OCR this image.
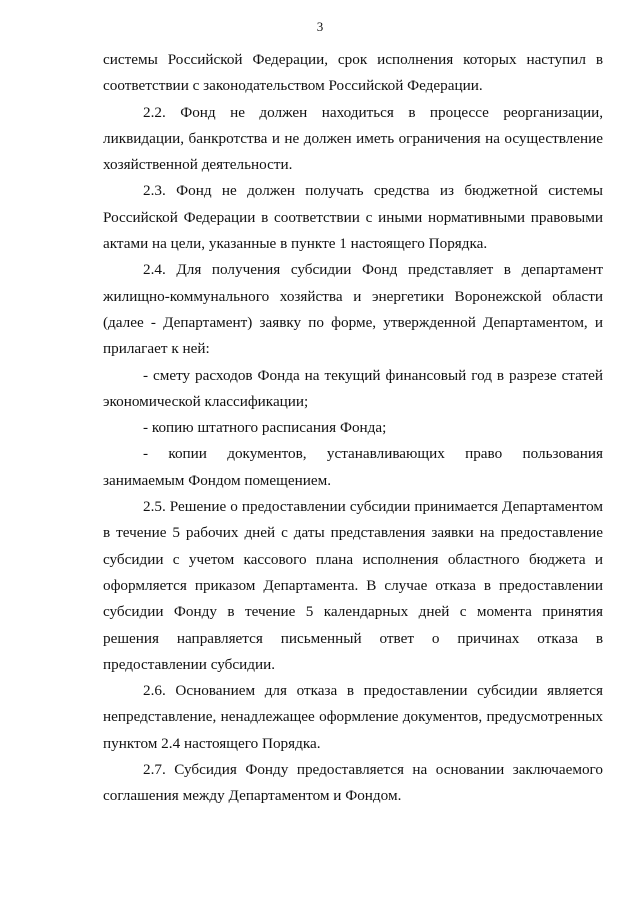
3

системы Российской Федерации, срок исполнения которых наступил в соответствии с законодательством Российской Федерации.

2.2. Фонд не должен находиться в процессе реорганизации, ликвидации, банкротства и не должен иметь ограничения на осуществление хозяйственной деятельности.

2.3. Фонд не должен получать средства из бюджетной системы Российской Федерации в соответствии с иными нормативными правовыми актами на цели, указанные в пункте 1 настоящего Порядка.

2.4. Для получения субсидии Фонд представляет в департамент жилищно-коммунального хозяйства и энергетики Воронежской области (далее - Департамент) заявку по форме, утвержденной Департаментом, и прилагает к ней:

- смету расходов Фонда на текущий финансовый год в разрезе статей экономической классификации;

- копию штатного расписания Фонда;

- копии документов, устанавливающих право пользования занимаемым Фондом помещением.

2.5. Решение о предоставлении субсидии принимается Департаментом в течение 5 рабочих дней с даты представления заявки на предоставление субсидии с учетом кассового плана исполнения областного бюджета и оформляется приказом Департамента. В случае отказа в предоставлении субсидии Фонду в течение 5 календарных дней с момента принятия решения направляется письменный ответ о причинах отказа в предоставлении субсидии.

2.6. Основанием для отказа в предоставлении субсидии является непредставление, ненадлежащее оформление документов, предусмотренных пунктом 2.4 настоящего Порядка.

2.7. Субсидия Фонду предоставляется на основании заключаемого соглашения между Департаментом и Фондом.
